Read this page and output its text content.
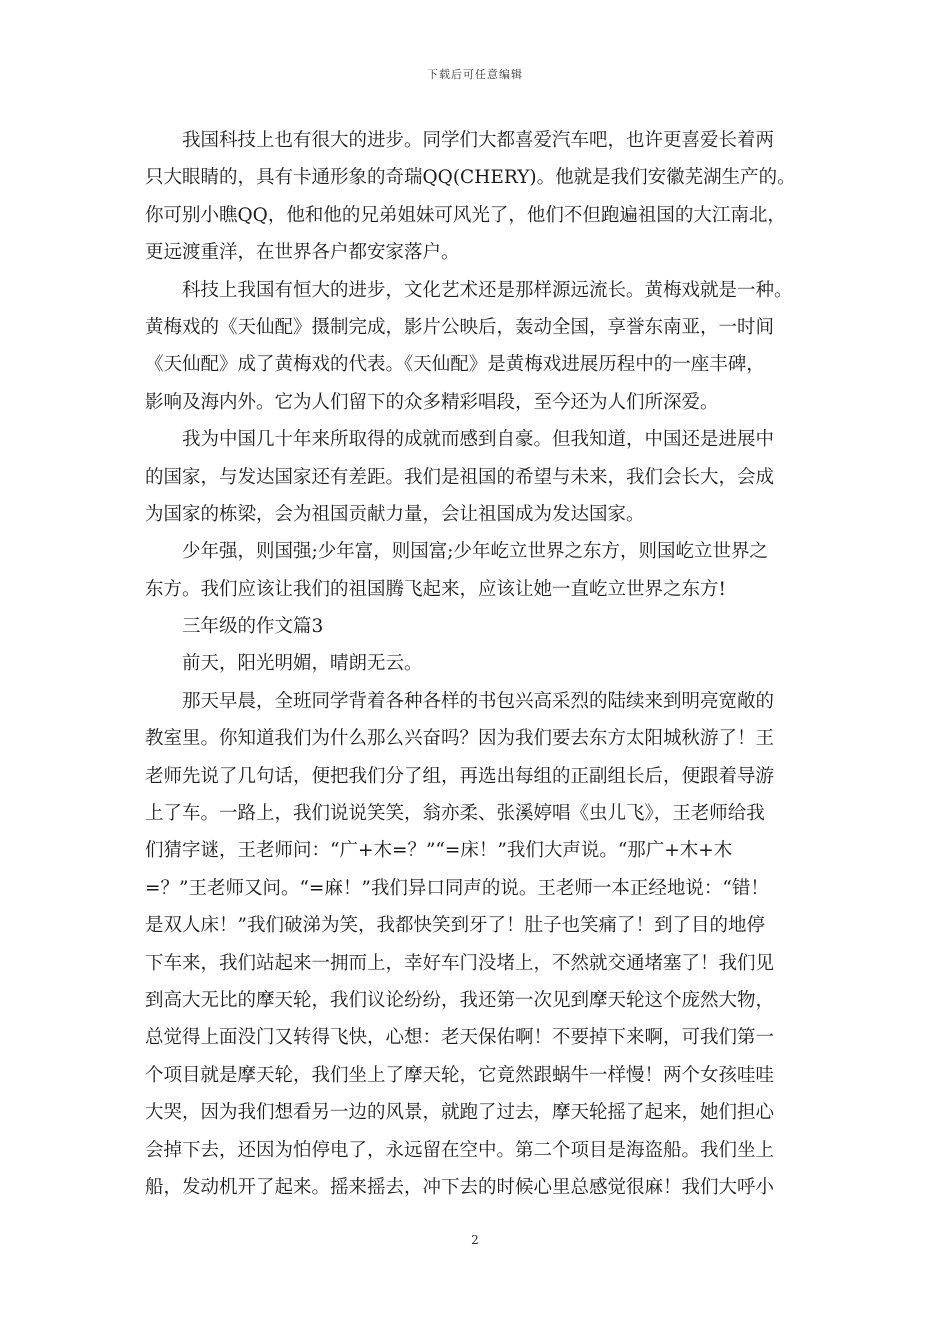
下载后可任意编辑
我国科技上也有很大的进步。同学们大都喜爱汽车吧，也许更喜爱长着两
只大眼睛的，具有卡通形象的奇瑞QQ(CHERY)。他就是我们安徽芜湖生产的。
你可别小瞧QQ，他和他的兄弟姐妹可风光了，他们不但跑遍祖国的大江南北，
更远渡重洋，在世界各户都安家落户。
科技上我国有恒大的进步，文化艺术还是那样源远流长。黄梅戏就是一种。
黄梅戏的《天仙配》摄制完成，影片公映后，轰动全国，享誉东南亚，一时间
《天仙配》成了黄梅戏的代表。《天仙配》是黄梅戏进展历程中的一座丰碑，
影响及海内外。它为人们留下的众多精彩唱段，至今还为人们所深爱。
我为中国几十年来所取得的成就而感到自豪。但我知道，中国还是进展中
的国家，与发达国家还有差距。我们是祖国的希望与未来，我们会长大，会成
为国家的栋梁，会为祖国贡献力量，会让祖国成为发达国家。
少年强，则国强;少年富，则国富;少年屹立世界之东方，则国屹立世界之
东方。我们应该让我们的祖国腾飞起来，应该让她一直屹立世界之东方!
三年级的作文篇3
前天，阳光明媚，晴朗无云。
那天早晨，全班同学背着各种各样的书包兴高采烈的陆续来到明亮宽敞的
教室里。你知道我们为什么那么兴奋吗？因为我们要去东方太阳城秋游了！王
老师先说了几句话，便把我们分了组，再选出每组的正副组长后，便跟着导游
上了车。一路上，我们说说笑笑，翁亦柔、张溪婷唱《虫儿飞》，王老师给我
们猜字谜，王老师问：“广+木=？”“=床！”我们大声说。“那广+木+木
=？”王老师又问。“=麻！”我们异口同声的说。王老师一本正经地说：“错！
是双人床！”我们破涕为笑，我都快笑到牙了！肚子也笑痛了！到了目的地停
下车来，我们站起来一拥而上，幸好车门没堵上，不然就交通堵塞了！我们见
到高大无比的摩天轮，我们议论纷纷，我还第一次见到摩天轮这个庞然大物，
总觉得上面没门又转得飞快，心想：老天保佑啊！不要掉下来啊，可我们第一
个项目就是摩天轮，我们坐上了摩天轮，它竟然跟蜗牛一样慢！两个女孩哇哇
大哭，因为我们想看另一边的风景，就跑了过去，摩天轮摇了起来，她们担心
会掉下去，还因为怕停电了，永远留在空中。第二个项目是海盗船。我们坐上
船，发动机开了起来。摇来摇去，冲下去的时候心里总感觉很麻！我们大呼小
2
